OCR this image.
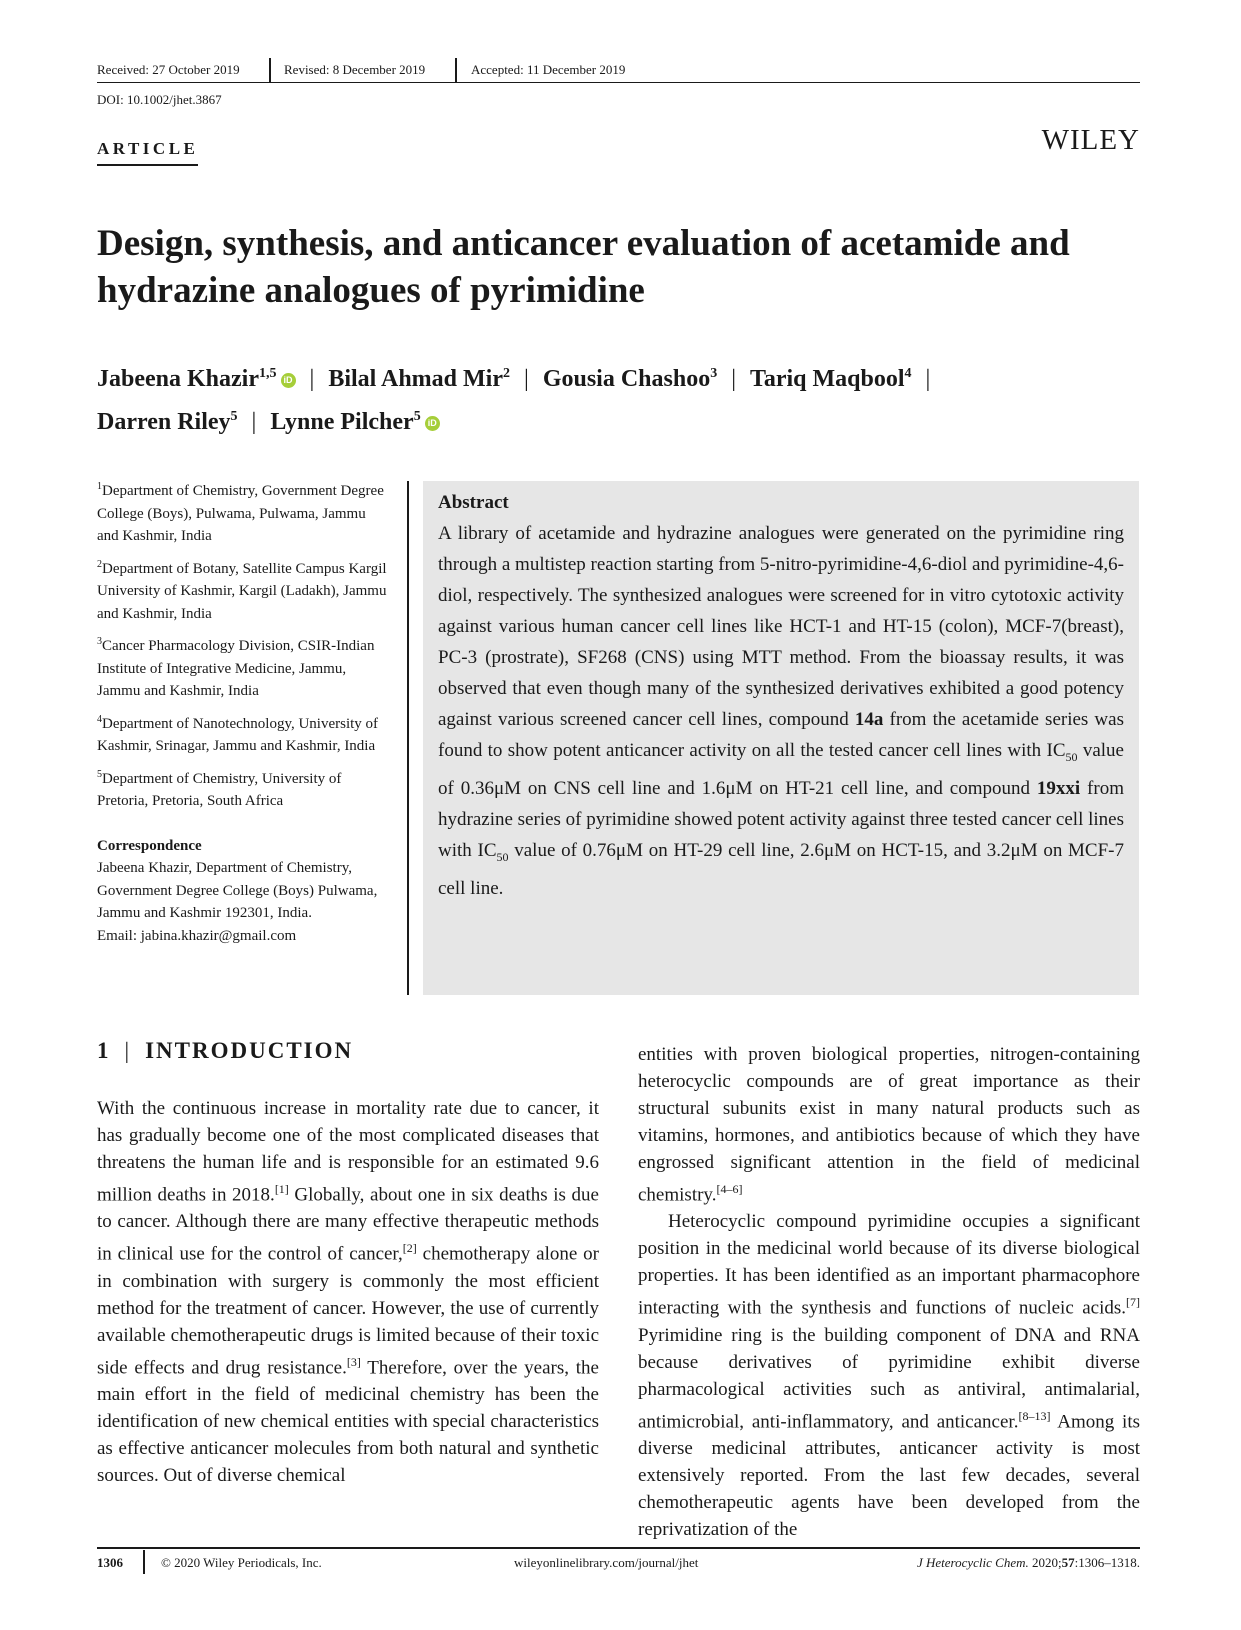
Received: 27 October 2019	Revised: 8 December 2019	Accepted: 11 December 2019
DOI: 10.1002/jhet.3867
ARTICLE	WILEY
Design, synthesis, and anticancer evaluation of acetamide and hydrazine analogues of pyrimidine
Jabeena Khazir$^{1,5}$ iD | Bilal Ahmad Mir$^2$ | Gousia Chashoo$^3$ | Tariq Maqbool$^4$ |
Darren Riley$^5$ | Lynne Pilcher$^5$ iD
$^1$Department of Chemistry, Government Degree College (Boys), Pulwama, Pulwama, Jammu and Kashmir, India
$^2$Department of Botany, Satellite Campus Kargil University of Kashmir, Kargil (Ladakh), Jammu and Kashmir, India
$^3$Cancer Pharmacology Division, CSIR-Indian Institute of Integrative Medicine, Jammu, Jammu and Kashmir, India
$^4$Department of Nanotechnology, University of Kashmir, Srinagar, Jammu and Kashmir, India
$^5$Department of Chemistry, University of Pretoria, Pretoria, South Africa
Correspondence
Jabeena Khazir, Department of Chemistry, Government Degree College (Boys) Pulwama, Jammu and Kashmir 192301, India.
Email: jabina.khazir@gmail.com
Abstract
A library of acetamide and hydrazine analogues were generated on the pyrimidine ring through a multistep reaction starting from 5-nitro-pyrimidine-4,6-diol and pyrimidine-4,6-diol, respectively. The synthesized analogues were screened for in vitro cytotoxic activity against various human cancer cell lines like HCT-1 and HT-15 (colon), MCF-7(breast), PC-3 (prostrate), SF268 (CNS) using MTT method. From the bioassay results, it was observed that even though many of the synthesized derivatives exhibited a good potency against various screened cancer cell lines, compound 14a from the acetamide series was found to show potent anticancer activity on all the tested cancer cell lines with $IC_{50}$ value of 0.36μM on CNS cell line and 1.6μM on HT-21 cell line, and compound 19xxi from hydrazine series of pyrimidine showed potent activity against three tested cancer cell lines with $IC_{50}$ value of 0.76μM on HT-29 cell line, 2.6μM on HCT-15, and 3.2μM on MCF-7 cell line.
1 | INTRODUCTION

With the continuous increase in mortality rate due to cancer, it has gradually become one of the most complicated diseases that threatens the human life and is responsible for an estimated 9.6 million deaths in 2018.[1] Globally, about one in six deaths is due to cancer. Although there are many effective therapeutic methods in clinical use for the control of cancer,[2] chemotherapy alone or in combination with surgery is commonly the most efficient method for the treatment of cancer. However, the use of currently available chemotherapeutic drugs is limited because of their toxic side effects and drug resistance.[3] Therefore, over the years, the main effort in the field of medicinal chemistry has been the identification of new chemical entities with special characteristics as effective anticancer molecules from both natural and synthetic sources. Out of diverse chemical

entities with proven biological properties, nitrogen-containing heterocyclic compounds are of great importance as their structural subunits exist in many natural products such as vitamins, hormones, and antibiotics because of which they have engrossed significant attention in the field of medicinal chemistry.[4–6]

Heterocyclic compound pyrimidine occupies a significant position in the medicinal world because of its diverse biological properties. It has been identified as an important pharmacophore interacting with the synthesis and functions of nucleic acids.[7] Pyrimidine ring is the building component of DNA and RNA because derivatives of pyrimidine exhibit diverse pharmacological activities such as antiviral, antimalarial, antimicrobial, anti-inflammatory, and anticancer.[8–13] Among its diverse medicinal attributes, anticancer activity is most extensively reported. From the last few decades, several chemotherapeutic agents have been developed from the reprivatization of the

1306	© 2020 Wiley Periodicals, Inc.	wileyonlinelibrary.com/journal/jhet	J Heterocyclic Chem. 2020;57:1306–1318.
